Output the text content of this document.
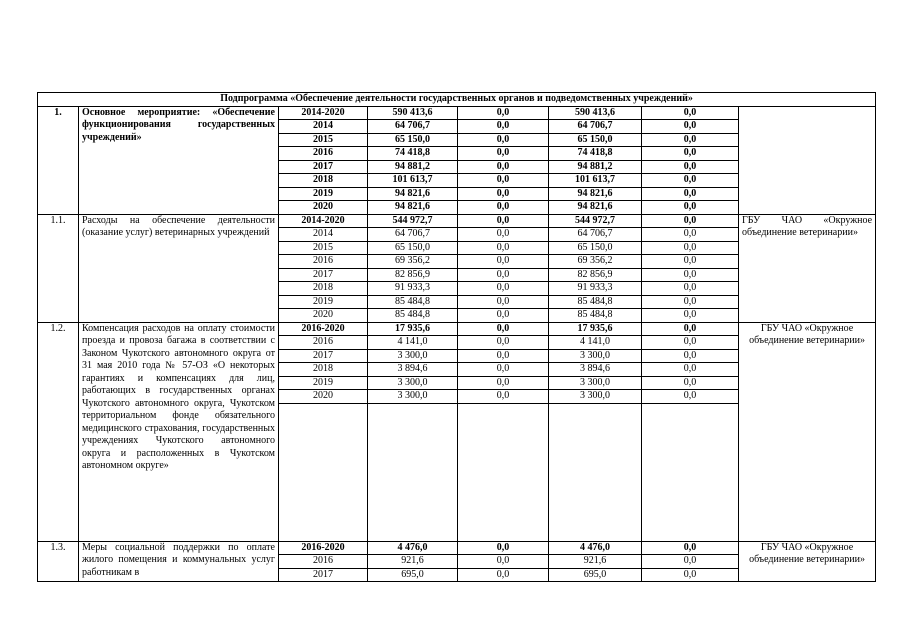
Подпрограмма «Обеспечение деятельности государственных органов и подведомственных учреждений»							
1.	Основное мероприятие: «Обеспечение функционирования государственных учреждений»	2014-2020	590 413,6	0,0	590 413,6	0,0	
		2014	64 706,7	0,0	64 706,7	0,0	
		2015	65 150,0	0,0	65 150,0	0,0	
		2016	74 418,8	0,0	74 418,8	0,0	
		2017	94 881,2	0,0	94 881,2	0,0	
		2018	101 613,7	0,0	101 613,7	0,0	
		2019	94 821,6	0,0	94 821,6	0,0	
		2020	94 821,6	0,0	94 821,6	0,0	
1.1.	Расходы на обеспечение деятельности (оказание услуг) ветеринарных учреждений	2014-2020	544 972,7	0,0	544 972,7	0,0	ГБУ ЧАО «Окружное объединение ветеринарии»
		2014	64 706,7	0,0	64 706,7	0,0	
		2015	65 150,0	0,0	65 150,0	0,0	
		2016	69 356,2	0,0	69 356,2	0,0	
		2017	82 856,9	0,0	82 856,9	0,0	
		2018	91 933,3	0,0	91 933,3	0,0	
		2019	85 484,8	0,0	85 484,8	0,0	
		2020	85 484,8	0,0	85 484,8	0,0	
1.2.	Компенсация расходов на оплату стоимости проезда и провоза багажа в соответствии с Законом Чукотского автономного округа от 31 мая 2010 года № 57-ОЗ «О некоторых гарантиях и компенсациях для лиц, работающих в государственных органах Чукотского автономного округа, Чукотском территориальном фонде обязательного медицинского страхования, государственных учреждениях Чукотского автономного округа и расположенных в Чукотском автономном округе»	2016-2020	17 935,6	0,0	17 935,6	0,0	ГБУ ЧАО «Окружное объединение ветеринарии»
		2016	4 141,0	0,0	4 141,0	0,0	
		2017	3 300,0	0,0	3 300,0	0,0	
		2018	3 894,6	0,0	3 894,6	0,0	
		2019	3 300,0	0,0	3 300,0	0,0	
		2020	3 300,0	0,0	3 300,0	0,0	

1.3.	Меры социальной поддержки по оплате жилого помещения и коммунальных услуг работникам в	2016-2020	4 476,0	0,0	4 476,0	0,0	ГБУ ЧАО «Окружное объединение ветеринарии»
		2016	921,6	0,0	921,6	0,0	
		2017	695,0	0,0	695,0	0,0	
